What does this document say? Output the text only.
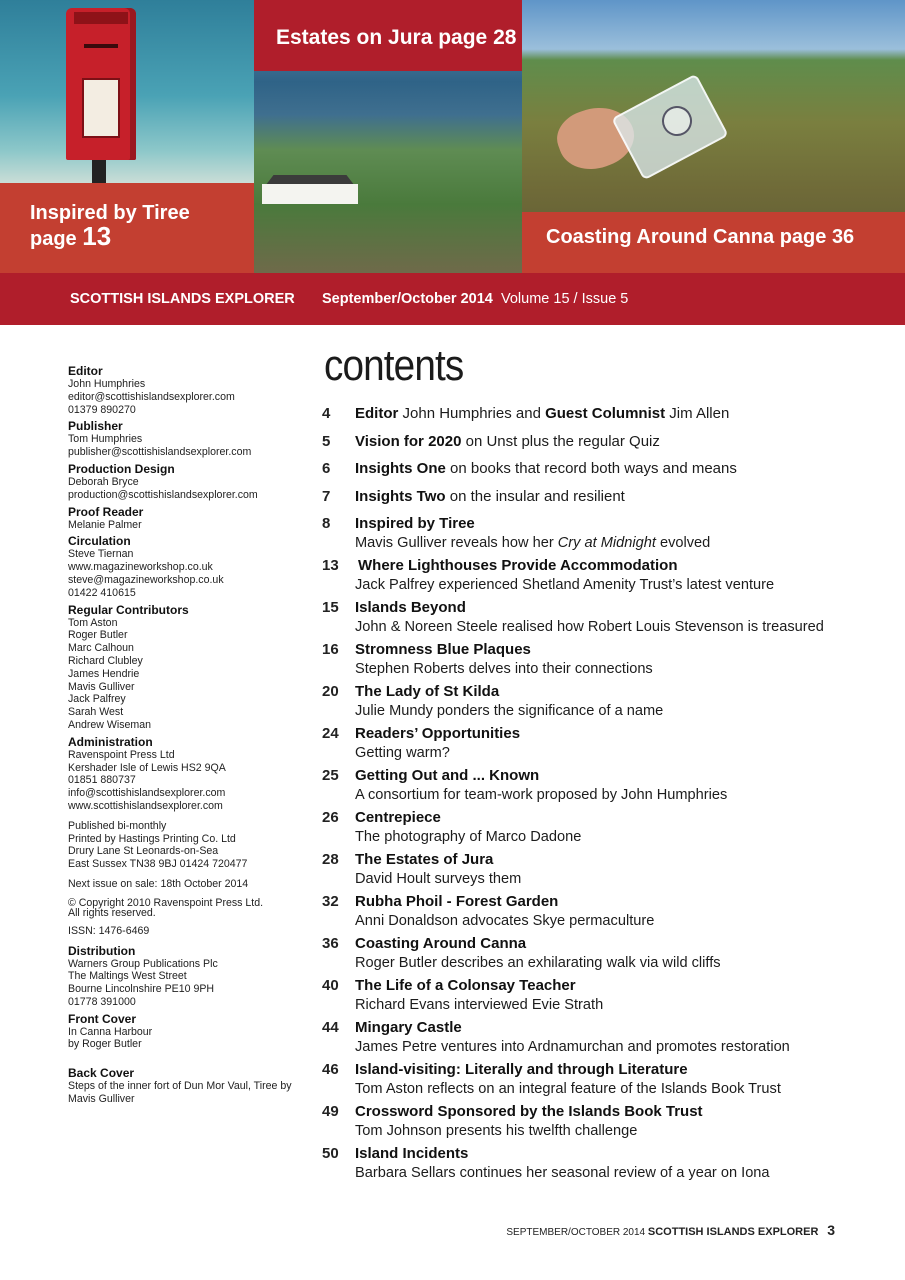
Estates on Jura page 28
Inspired by Tiree
page 13	Coasting Around Canna page 36
SCOTTISH ISLANDS EXPLORER September/October 2014 Volume 15 / Issue 5
Editor
John Humphries
editor@scottishislandsexplorer.com
01379 890270
Publisher
Tom Humphries
publisher@scottishislandsexplorer.com
Production Design
Deborah Bryce
production@scottishislandsexplorer.com
Proof Reader
Melanie Palmer
Circulation
Steve Tiernan
www.magazineworkshop.co.uk
steve@magazineworkshop.co.uk
01422 410615
Regular Contributors
Tom Aston
Roger Butler
Marc Calhoun
Richard Clubley
James Hendrie
Mavis Gulliver
Jack Palfrey
Sarah West
Andrew Wiseman
Administration
Ravenspoint Press Ltd
Kershader Isle of Lewis HS2 9QA
01851 880737
info@scottishislandsexplorer.com
www.scottishislandsexplorer.com
Published bi-monthly
Printed by Hastings Printing Co. Ltd
Drury Lane St Leonards-on-Sea
East Sussex TN38 9BJ 01424 720477
Next issue on sale: 18th October 2014
© Copyright 2010 Ravenspoint Press Ltd.
All rights reserved.
ISSN: 1476-6469
Distribution
Warners Group Publications Plc
The Maltings West Street
Bourne Lincolnshire PE10 9PH
01778 391000
Front Cover
In Canna Harbour
by Roger Butler
Back Cover
Steps of the inner fort of Dun Mor Vaul, Tiree by Mavis Gulliver
contents
4 Editor John Humphries and Guest Columnist Jim Allen
5 Vision for 2020 on Unst plus the regular Quiz
6 Insights One on books that record both ways and means
7 Insights Two on the insular and resilient
8 Inspired by Tiree
Mavis Gulliver reveals how her Cry at Midnight evolved
13 Where Lighthouses Provide Accommodation
Jack Palfrey experienced Shetland Amenity Trust’s latest venture
15 Islands Beyond
John & Noreen Steele realised how Robert Louis Stevenson is treasured
16 Stromness Blue Plaques
Stephen Roberts delves into their connections
20 The Lady of St Kilda
Julie Mundy ponders the significance of a name
24 Readers’ Opportunities
Getting warm?
25 Getting Out and ... Known
A consortium for team-work proposed by John Humphries
26 Centrepiece
The photography of Marco Dadone
28 The Estates of Jura
David Hoult surveys them
32 Rubha Phoil - Forest Garden
Anni Donaldson advocates Skye permaculture
36 Coasting Around Canna
Roger Butler describes an exhilarating walk via wild cliffs
40 The Life of a Colonsay Teacher
Richard Evans interviewed Evie Strath
44 Mingary Castle
James Petre ventures into Ardnamurchan and promotes restoration
46 Island-visiting: Literally and through Literature
Tom Aston reflects on an integral feature of the Islands Book Trust
49 Crossword Sponsored by the Islands Book Trust
Tom Johnson presents his twelfth challenge
50 Island Incidents
Barbara Sellars continues her seasonal review of a year on Iona
SEPTEMBER/OCTOBER 2014 SCOTTISH ISLANDS EXPLORER 3
